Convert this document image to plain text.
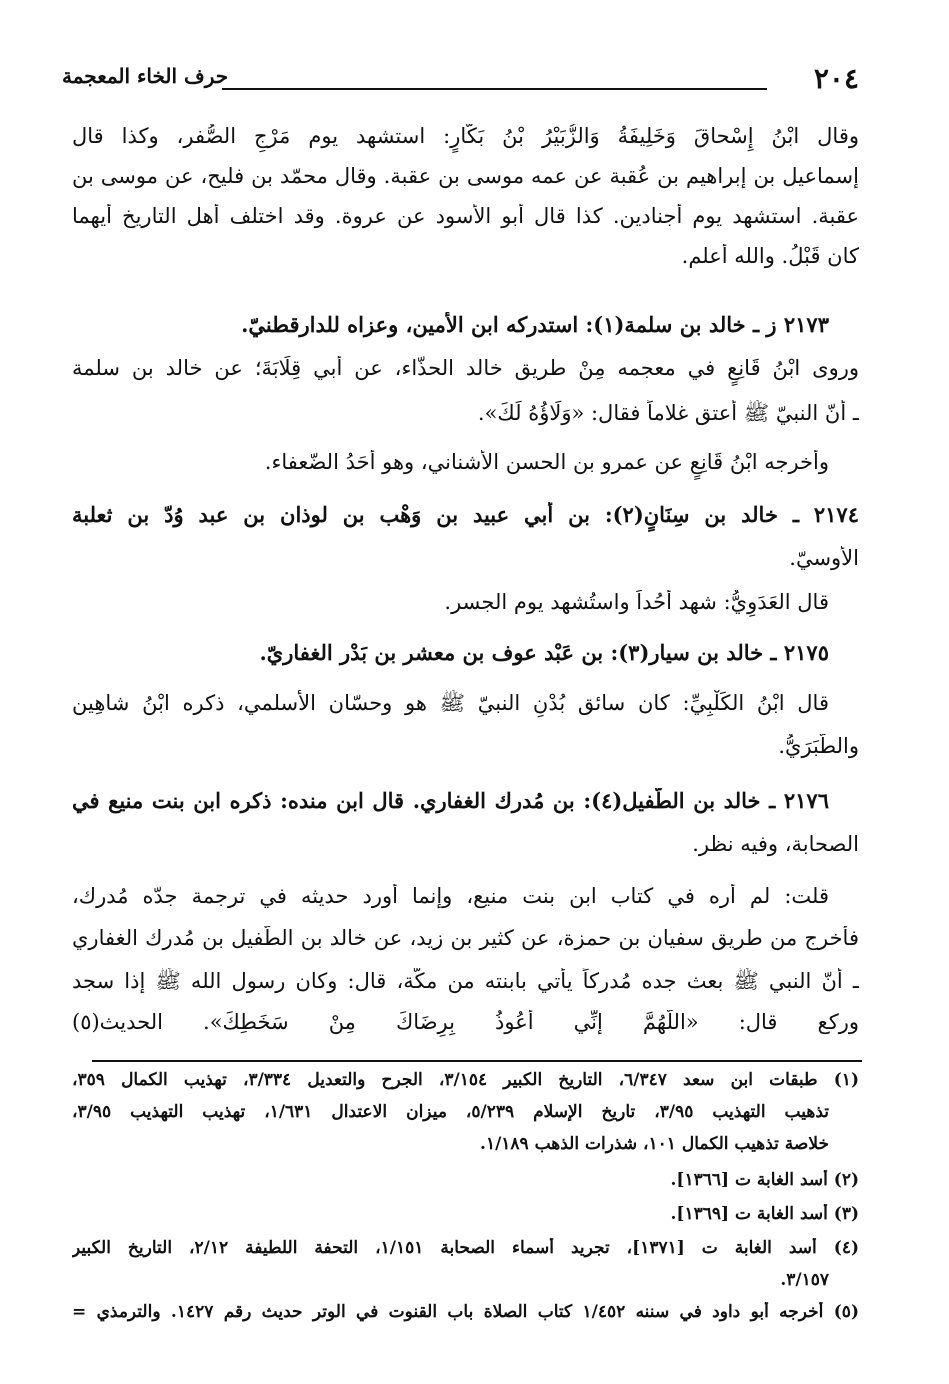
٢٠٤
حرف الخاء المعجمة
وقال ابْنُ إِسْحاقَ وَخَلِيفَةُ وَالزُّبَيْرُ بْنُ بَكَّارٍ: استشهد يوم مَرْجِ الصُّفر، وكذا قال
إسماعيل بن إبراهيم بن عُقبة عن عمه موسى بن عقبة. وقال محمّد بن فليح، عن موسى بن
عقبة. استشهد يوم أجنادين. كذا قال أبو الأسود عن عروة. وقد اختلف أهل التاريخ أيهما
كان قَبْلُ. والله أعلم.
٢١٧٣ ز ـ خالد بن سلمة(١): استدركه ابن الأمين، وعزاه للدارقطنيّ.
وروى ابْنُ قَانِعٍ في معجمه مِنْ طريق خالد الحذّاء، عن أبي قِلَابَةَ؛ عن خالد بن سلمة
ـ أنّ النبيّ ﷺ أعتق غلاماً فقال: «وَلَاؤُهُ لَكَ».
وأخرجه ابْنُ قَانِعٍ عن عمرو بن الحسن الأُشناني، وهو أحَدُ الضّعفاء.
٢١٧٤ ـ خالد بن سِنَانٍ(٢): بن أبي عبيد بن وَهْب بن لوذان بن عبد وُدّ بن ثعلبة
الأوسيّ.
قال العَدَوِيُّ: شهد أُحُداً واستُشهد يوم الجسر.
٢١٧٥ ـ خالد بن سيار(٣): بن عَبْد عوف بن معشر بن بَدْر الغفاريّ.
قال ابْنُ الكَلْبِيِّ: كان سائق بُدْنِ النبيّ ﷺ هو وحسّان الأسلمي، ذكره ابْنُ شاهِين
والطَّبَرَيُّ.
٢١٧٦ ـ خالد بن الطُّفيل(٤): بن مُدرك الغفاري. قال ابن منده: ذكره ابن بنت منيع في
الصحابة، وفيه نظر.
قلت: لم أره في كتاب ابن بنت منيع، وإنما أورد حديثه في ترجمة جدّه مُدرك،
فأخرج من طريق سفيان بن حمزة، عن كثير بن زيد، عن خالد بن الطّفيل بن مُدرك الغفاري
ـ أنّ النبي ﷺ بعث جده مُدركاً يأتي بابنته من مكّة، قال: وكان رسول الله ﷺ إذا سجد
وركع قال: «اللَّهُمَّ إنِّي أعُوذُ بِرِضَاكَ مِنْ سَخَطِكَ». الحديث(٥)
(١) طبقات ابن سعد ٦/٣٤٧، التاريخ الكبير ٣/١٥٤، الجرح والتعديل ٣/٣٣٤، تهذيب الكمال ٣٥٩،
تذهيب التهذيب ٣/٩٥، تاريخ الإسلام ٥/٢٣٩، ميزان الاعتدال ١/٦٣١، تهذيب التهذيب ٣/٩٥،
خلاصة تذهيب الكمال ١٠١، شذرات الذهب ١/١٨٩.
(٢) أسد الغابة ت [١٣٦٦].
(٣) أسد الغابة ت [١٣٦٩].
(٤) أسد الغابة ت [١٣٧١]، تجريد أسماء الصحابة ١/١٥١، التحفة اللطيفة ٢/١٢، التاريخ الكبير
٣/١٥٧.
(٥) أخرجه أبو داود في سننه ١/٤٥٢ كتاب الصلاة باب القنوت في الوتر حديث رقم ١٤٢٧. والترمذي =
